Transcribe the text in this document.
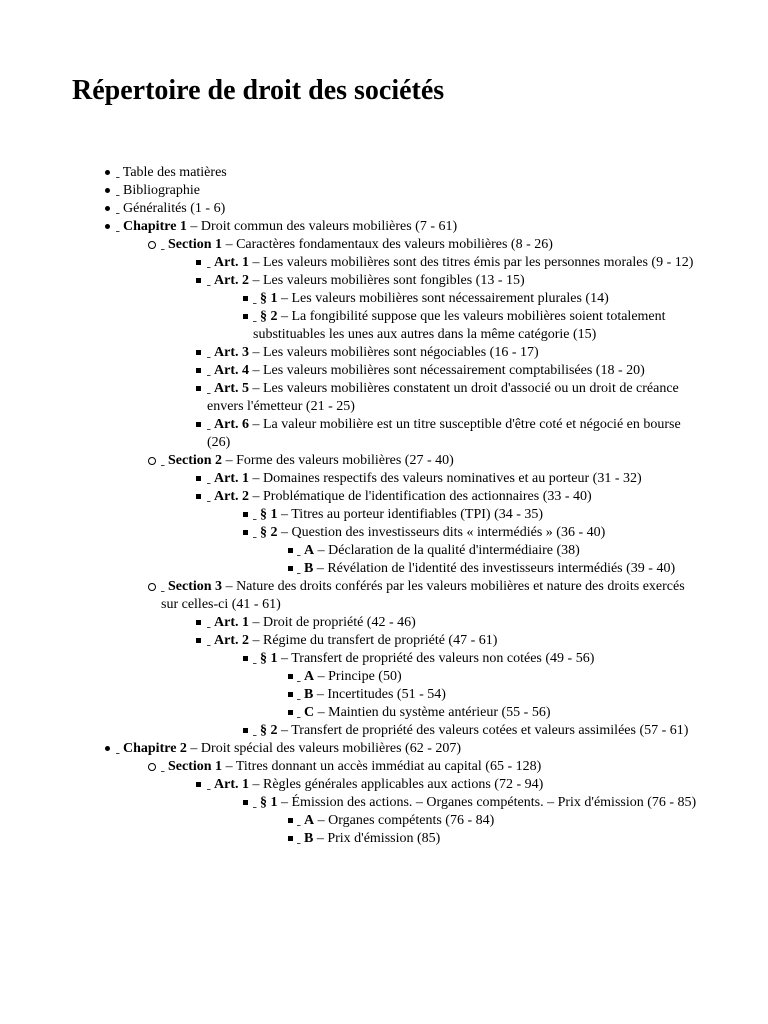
Répertoire de droit des sociétés
Table des matières
Bibliographie
Généralités (1 - 6)
Chapitre 1 – Droit commun des valeurs mobilières (7 - 61)
Section 1 – Caractères fondamentaux des valeurs mobilières (8 - 26)
Art. 1 – Les valeurs mobilières sont des titres émis par les personnes morales (9 - 12)
Art. 2 – Les valeurs mobilières sont fongibles (13 - 15)
§ 1 – Les valeurs mobilières sont nécessairement plurales (14)
§ 2 – La fongibilité suppose que les valeurs mobilières soient totalement substituables les unes aux autres dans la même catégorie (15)
Art. 3 – Les valeurs mobilières sont négociables (16 - 17)
Art. 4 – Les valeurs mobilières sont nécessairement comptabilisées (18 - 20)
Art. 5 – Les valeurs mobilières constatent un droit d'associé ou un droit de créance envers l'émetteur (21 - 25)
Art. 6 – La valeur mobilière est un titre susceptible d'être coté et négocié en bourse (26)
Section 2 – Forme des valeurs mobilières (27 - 40)
Art. 1 – Domaines respectifs des valeurs nominatives et au porteur (31 - 32)
Art. 2 – Problématique de l'identification des actionnaires (33 - 40)
§ 1 – Titres au porteur identifiables (TPI) (34 - 35)
§ 2 – Question des investisseurs dits « intermédiés » (36 - 40)
A – Déclaration de la qualité d'intermédiaire (38)
B – Révélation de l'identité des investisseurs intermédiés (39 - 40)
Section 3 – Nature des droits conférés par les valeurs mobilières et nature des droits exercés sur celles-ci (41 - 61)
Art. 1 – Droit de propriété (42 - 46)
Art. 2 – Régime du transfert de propriété (47 - 61)
§ 1 – Transfert de propriété des valeurs non cotées (49 - 56)
A – Principe (50)
B – Incertitudes (51 - 54)
C – Maintien du système antérieur (55 - 56)
§ 2 – Transfert de propriété des valeurs cotées et valeurs assimilées (57 - 61)
Chapitre 2 – Droit spécial des valeurs mobilières (62 - 207)
Section 1 – Titres donnant un accès immédiat au capital (65 - 128)
Art. 1 – Règles générales applicables aux actions (72 - 94)
§ 1 – Émission des actions. – Organes compétents. – Prix d'émission (76 - 85)
A – Organes compétents (76 - 84)
B – Prix d'émission (85)
